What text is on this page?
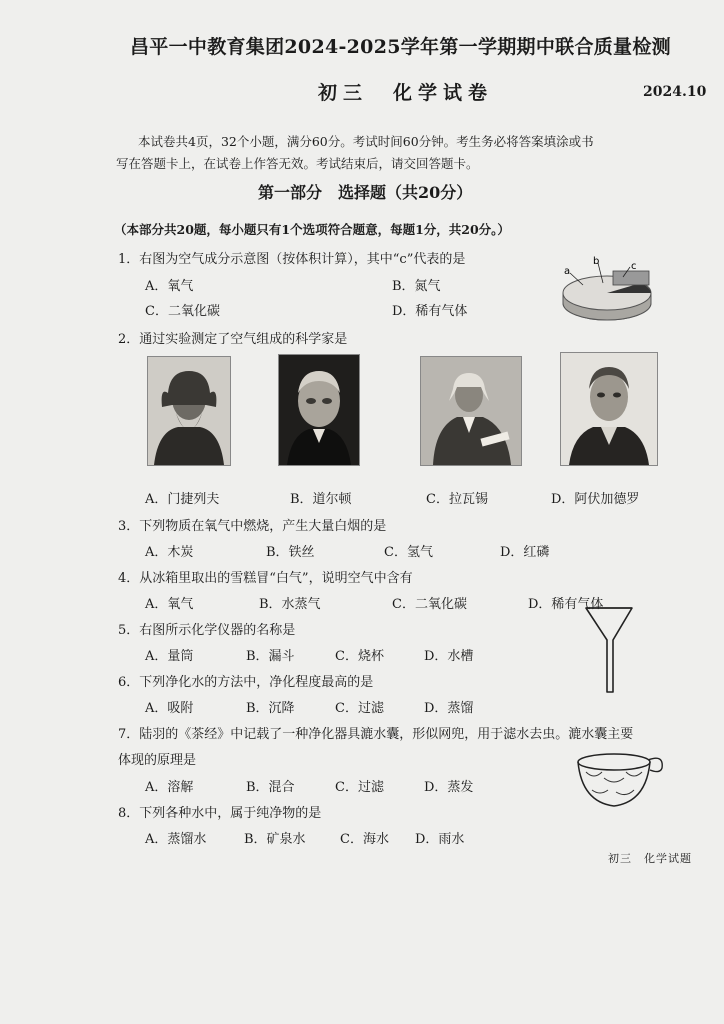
昌平一中教育集团2024-2025学年第一学期期中联合质量检测
初三　化学试卷	2024.10
本试卷共4页，32个小题，满分60分。考试时间60分钟。考生务必将答案填涂或书
写在答题卡上，在试卷上作答无效。考试结束后，请交回答题卡。
第一部分　选择题（共20分）
（本部分共20题，每小题只有1个选项符合题意，每题1分，共20分。）
1．右图为空气成分示意图（按体积计算），其中“c”代表的是
A．氧气	B．氮气
C．二氧化碳	D．稀有气体
a
b	c
2．通过实验测定了空气组成的科学家是
A．门捷列夫	B．道尔顿	C．拉瓦锡	D．阿伏加德罗
3．下列物质在氧气中燃烧，产生大量白烟的是
A．木炭	B．铁丝	C．氢气	D．红磷
4．从冰箱里取出的雪糕冒“白气”，说明空气中含有
A．氧气	B．水蒸气	C．二氧化碳	D．稀有气体
5．右图所示化学仪器的名称是
A．量筒	B．漏斗	C．烧杯	D．水槽
6．下列净化水的方法中，净化程度最高的是
A．吸附	B．沉降	C．过滤	D．蒸馏
7．陆羽的《茶经》中记载了一种净化器具漉水囊，形似网兜，用于滤水去虫。漉水囊主要
体现的原理是
A．溶解	B．混合	C．过滤	D．蒸发
8．下列各种水中，属于纯净物的是
A．蒸馏水	B．矿泉水	C．海水 D．雨水
初三　化学试题
